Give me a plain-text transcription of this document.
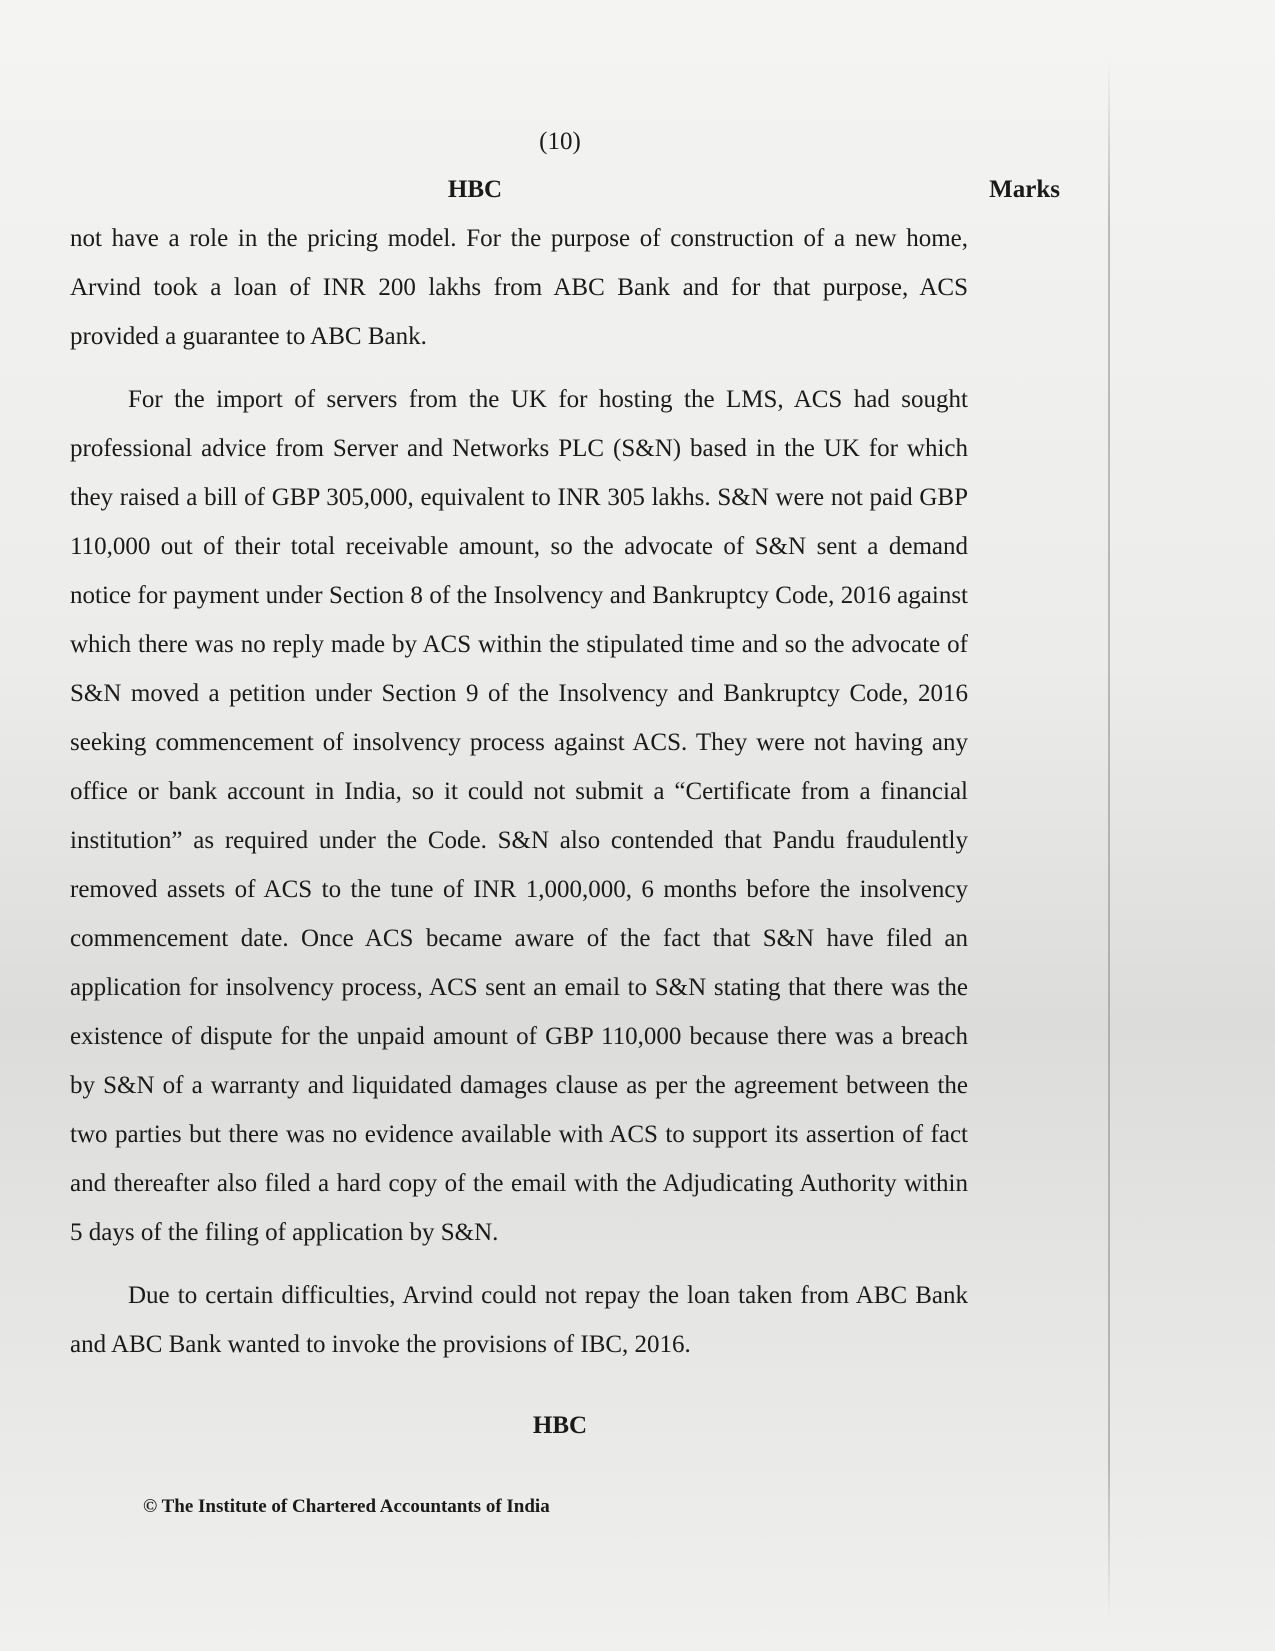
(10)
HBC	Marks

not have a role in the pricing model. For the purpose of construction of a new home, Arvind took a loan of INR 200 lakhs from ABC Bank and for that purpose, ACS provided a guarantee to ABC Bank.

For the import of servers from the UK for hosting the LMS, ACS had sought professional advice from Server and Networks PLC (S&N) based in the UK for which they raised a bill of GBP 305,000, equivalent to INR 305 lakhs. S&N were not paid GBP 110,000 out of their total receivable amount, so the advocate of S&N sent a demand notice for payment under Section 8 of the Insolvency and Bankruptcy Code, 2016 against which there was no reply made by ACS within the stipulated time and so the advocate of S&N moved a petition under Section 9 of the Insolvency and Bankruptcy Code, 2016 seeking commencement of insolvency process against ACS. They were not having any office or bank account in India, so it could not submit a “Certificate from a financial institution” as required under the Code. S&N also contended that Pandu fraudulently removed assets of ACS to the tune of INR 1,000,000, 6 months before the insolvency commencement date. Once ACS became aware of the fact that S&N have filed an application for insolvency process, ACS sent an email to S&N stating that there was the existence of dispute for the unpaid amount of GBP 110,000 because there was a breach by S&N of a warranty and liquidated damages clause as per the agreement between the two parties but there was no evidence available with ACS to support its assertion of fact and thereafter also filed a hard copy of the email with the Adjudicating Authority within 5 days of the filing of application by S&N.

Due to certain difficulties, Arvind could not repay the loan taken from ABC Bank and ABC Bank wanted to invoke the provisions of IBC, 2016.

HBC
© The Institute of Chartered Accountants of India
